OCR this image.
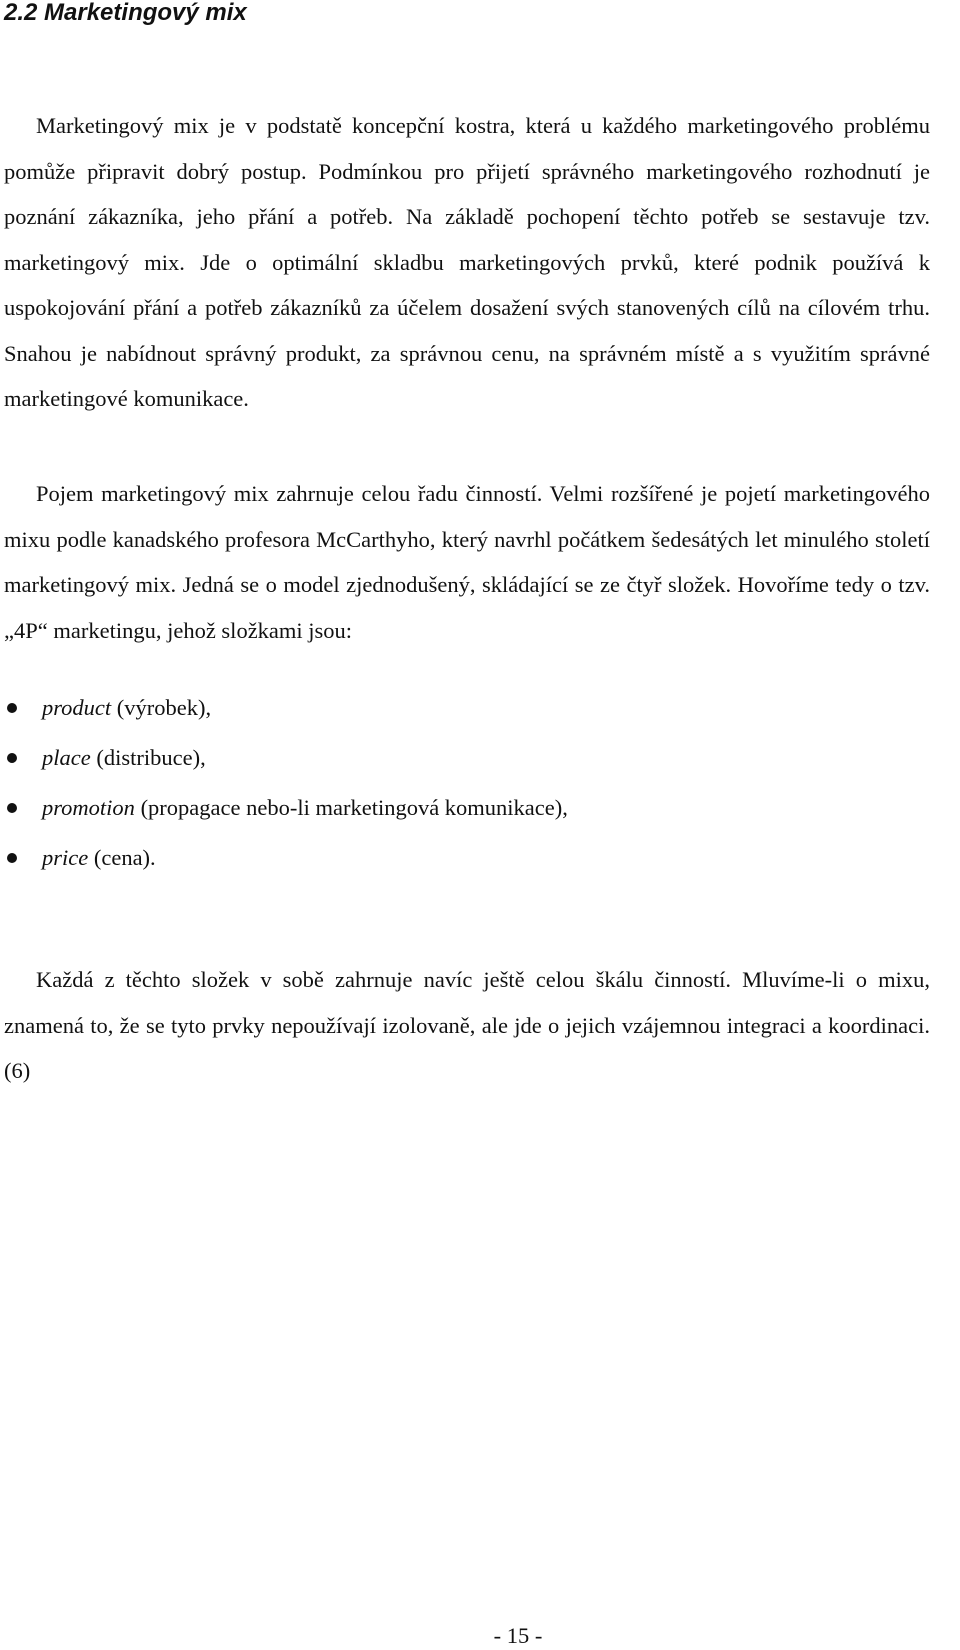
2.2 Marketingový mix

Marketingový mix je v podstatě koncepční kostra, která u každého marketingového problému pomůže připravit dobrý postup. Podmínkou pro přijetí správného marketingového rozhodnutí je poznání zákazníka, jeho přání a potřeb. Na základě pochopení těchto potřeb se sestavuje tzv. marketingový mix. Jde o optimální skladbu marketingových prvků, které podnik používá k uspokojování přání a potřeb zákazníků za účelem dosažení svých stanovených cílů na cílovém trhu. Snahou je nabídnout správný produkt, za správnou cenu, na správném místě a s využitím správné marketingové komunikace.

Pojem marketingový mix zahrnuje celou řadu činností. Velmi rozšířené je pojetí marketingového mixu podle kanadského profesora McCarthyho, který navrhl počátkem šedesátých let minulého století marketingový mix. Jedná se o model zjednodušený, skládající se ze čtyř složek. Hovoříme tedy o tzv. „4P“ marketingu, jehož složkami jsou:

product (výrobek),
place (distribuce),
promotion (propagace nebo-li marketingová komunikace),
price (cena).

Každá z těchto složek v sobě zahrnuje navíc ještě celou škálu činností. Mluvíme-li o mixu, znamená to, že se tyto prvky nepoužívají izolovaně, ale jde o jejich vzájemnou integraci a koordinaci. (6)

- 15 -
